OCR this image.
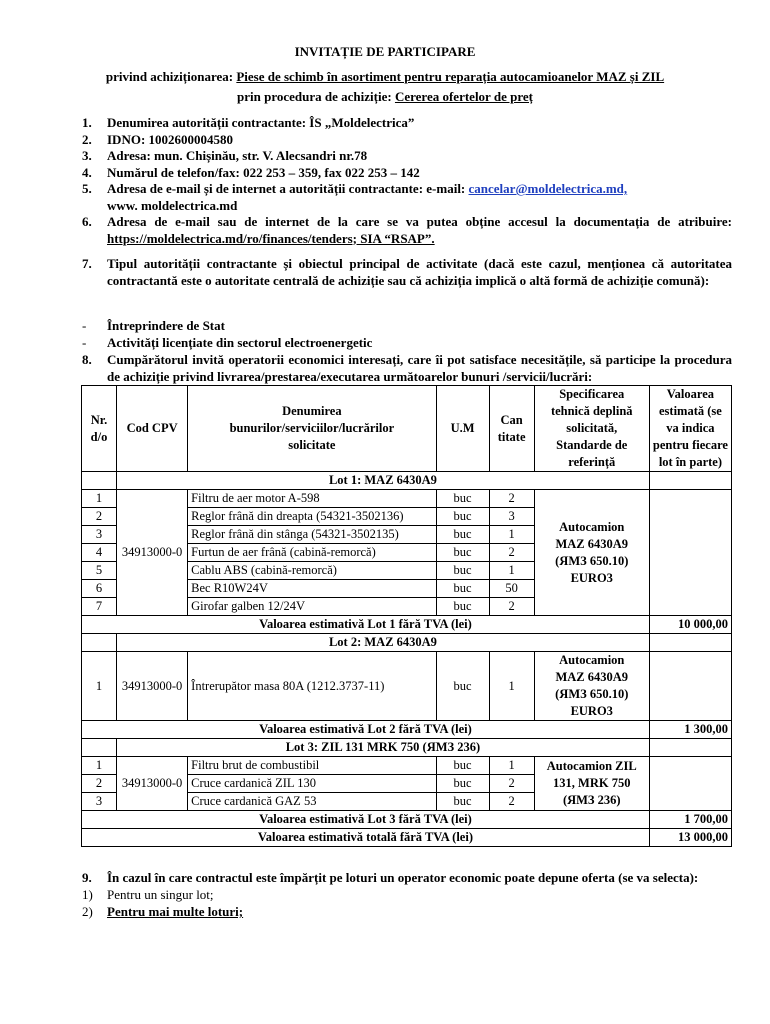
INVITAȚIE DE PARTICIPARE
privind achiziționarea: Piese de schimb în asortiment pentru reparația autocamioanelor MAZ și ZIL
prin procedura de achiziție: Cererea ofertelor de preț
1. Denumirea autorității contractante: ÎS „Moldelectrica”
2. IDNO: 1002600004580
3. Adresa: mun. Chișinău, str. V. Alecsandri nr.78
4. Numărul de telefon/fax: 022 253 – 359, fax 022 253 – 142
5. Adresa de e-mail și de internet a autorității contractante: e-mail: cancelar@moldelectrica.md,
www. moldelectrica.md
6. Adresa de e-mail sau de internet de la care se va putea obține accesul la documentația de atribuire: https://moldelectrica.md/ro/finances/tenders; SIA “RSAP”.
7. Tipul autorității contractante și obiectul principal de activitate (dacă este cazul, menționea că autoritatea contractantă este o autoritate centrală de achiziție sau că achiziția implică o altă formă de achiziție comună):
- Întreprindere de Stat
- Activități licențiate din sectorul electroenergetic
8. Cumpărătorul invită operatorii economici interesați, care îi pot satisface necesitățile, să participe la procedura de achiziție privind livrarea/prestarea/executarea următoarelor bunuri /servicii/lucrări:
Nr. d/o	Cod CPV	Denumirea bunurilor/serviciilor/lucrărilor solicitate	U.M	Can titate	Specificarea tehnică deplină solicitată, Standarde de referință	Valoarea estimată (se va indica pentru fiecare lot în parte)
	Lot 1: MAZ 6430A9					
1	34913000-0	Filtru de aer motor A-598	buc	2	Autocamion MAZ 6430A9 (ЯМЗ 650.10) EURO3	
2		Reglor frână din dreapta (54321-3502136)	buc	3		
3		Reglor frână din stânga (54321-3502135)	buc	1		
4		Furtun de aer frână (cabină-remorcă)	buc	2		
5		Cablu ABS (cabină-remorcă)	buc	1		
6		Bec R10W24V	buc	50		
7		Girofar galben 12/24V	buc	2		
Valoarea estimativă Lot 1 fără TVA (lei)						10 000,00
	Lot 2: MAZ 6430A9					
1	34913000-0	Întrerupător masa 80A (1212.3737-11)	buc	1	Autocamion MAZ 6430A9 (ЯМЗ 650.10) EURO3	
Valoarea estimativă Lot 2 fără TVA (lei)						1 300,00
	Lot 3: ZIL 131 MRK 750 (ЯМЗ 236)					
1	34913000-0	Filtru brut de combustibil	buc	1	Autocamion ZIL 131, MRK 750 (ЯМЗ 236)	
2		Cruce cardanică ZIL 130	buc	2		
3		Cruce cardanică GAZ 53	buc	2		
Valoarea estimativă Lot 3 fără TVA (lei)						1 700,00
Valoarea estimativă totală fără TVA (lei)						13 000,00
9. În cazul în care contractul este împărțit pe loturi un operator economic poate depune oferta (se va selecta):
1) Pentru un singur lot;
2) Pentru mai multe loturi;
